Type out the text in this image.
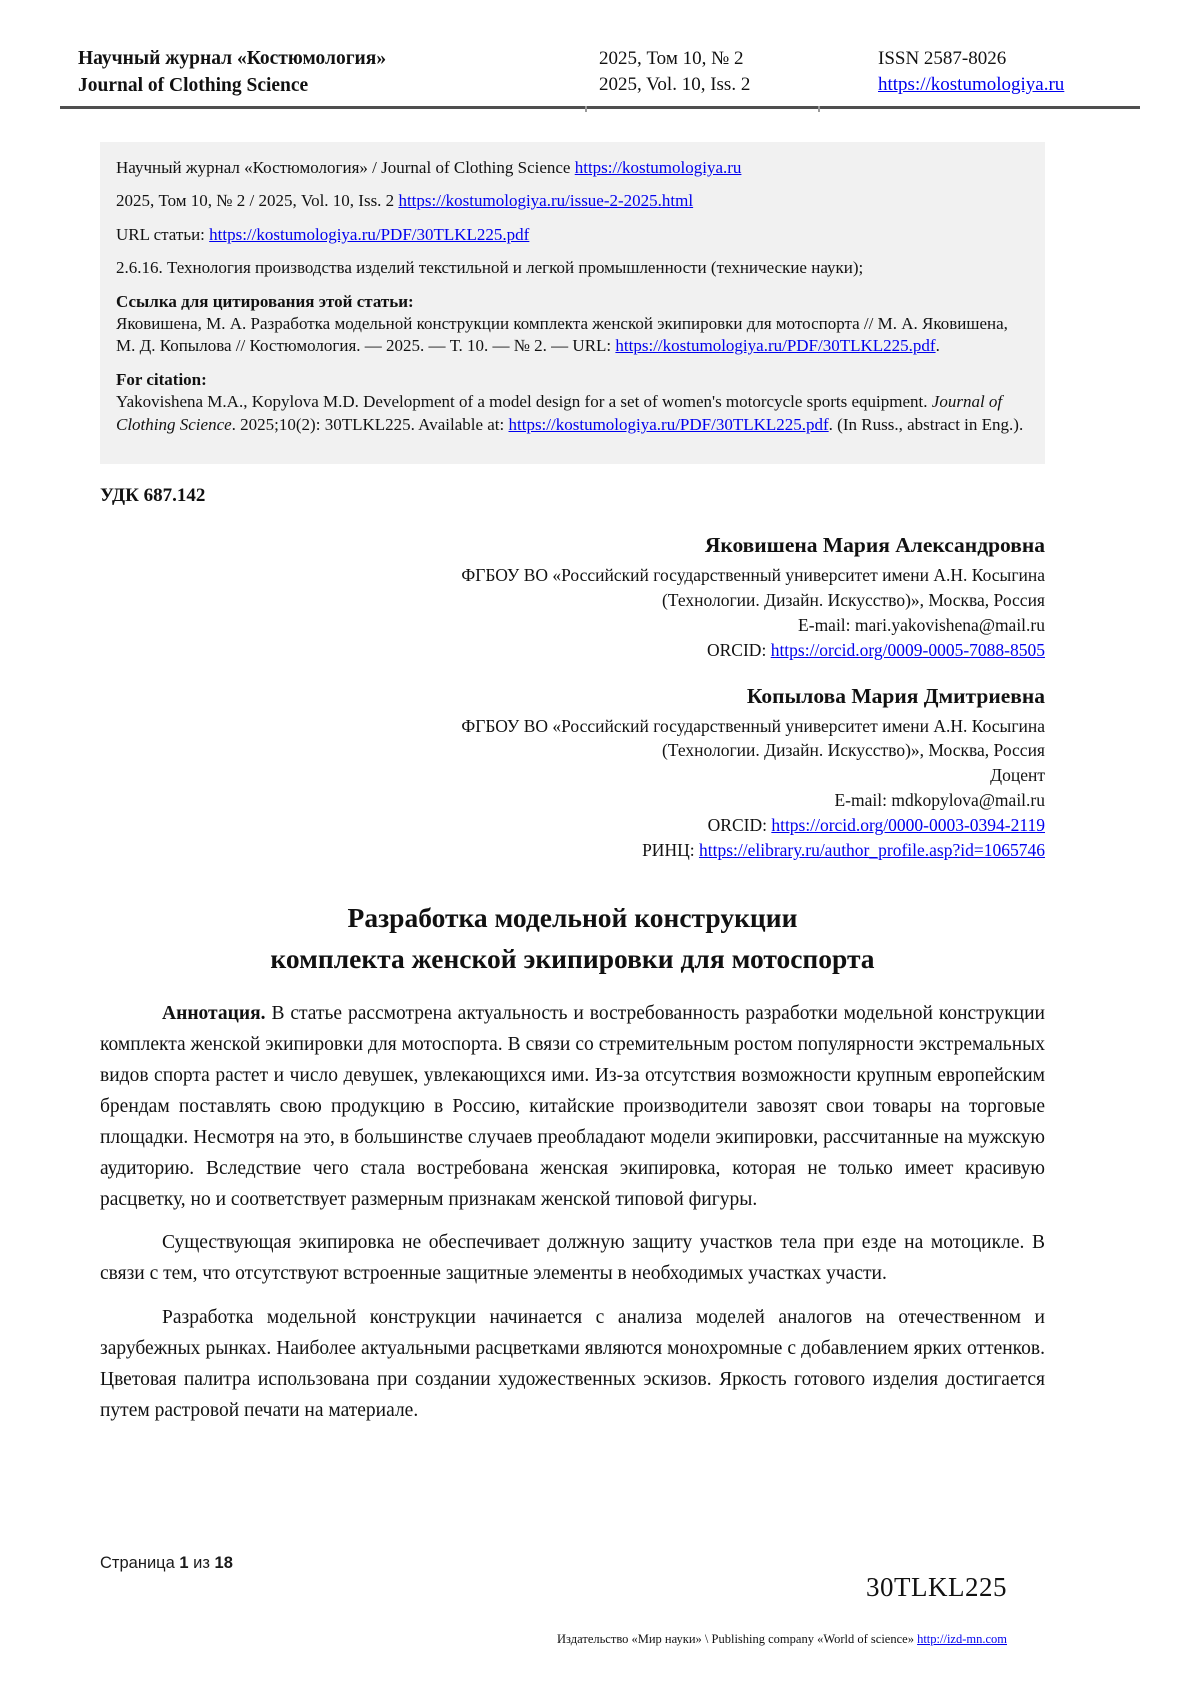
Научный журнал «Костюмология»
Journal of Clothing Science
2025, Том 10, № 2
2025, Vol. 10, Iss. 2
ISSN 2587-8026
https://kostumologiya.ru

Научный журнал «Костюмология» / Journal of Clothing Science https://kostumologiya.ru

2025, Том 10, № 2 / 2025, Vol. 10, Iss. 2 https://kostumologiya.ru/issue-2-2025.html

URL статьи: https://kostumologiya.ru/PDF/30TLKL225.pdf

2.6.16. Технология производства изделий текстильной и легкой промышленности (технические науки);

Ссылка для цитирования этой статьи:
Яковишена, М. А. Разработка модельной конструкции комплекта женской экипировки для мотоспорта // М. А. Яковишена, М. Д. Копылова // Костюмология. — 2025. — Т. 10. — № 2. — URL: https://kostumologiya.ru/PDF/30TLKL225.pdf.
For citation:
Yakovishena M.A., Kopylova M.D. Development of a model design for a set of women's motorcycle sports equipment. Journal of Clothing Science. 2025;10(2): 30TLKL225. Available at: https://kostumologiya.ru/PDF/30TLKL225.pdf. (In Russ., abstract in Eng.).
УДК 687.142
Яковишена Мария Александровна
ФГБОУ ВО «Российский государственный университет имени А.Н. Косыгина
(Технологии. Дизайн. Искусство)», Москва, Россия
E-mail: mari.yakovishena@mail.ru
ORCID: https://orcid.org/0009-0005-7088-8505
Копылова Мария Дмитриевна
ФГБОУ ВО «Российский государственный университет имени А.Н. Косыгина
(Технологии. Дизайн. Искусство)», Москва, Россия
Доцент
E-mail: mdkopylova@mail.ru
ORCID: https://orcid.org/0000-0003-0394-2119
РИНЦ: https://elibrary.ru/author_profile.asp?id=1065746
Разработка модельной конструкции
комплекта женской экипировки для мотоспорта

Аннотация. В статье рассмотрена актуальность и востребованность разработки модельной конструкции комплекта женской экипировки для мотоспорта. В связи со стремительным ростом популярности экстремальных видов спорта растет и число девушек, увлекающихся ими. Из-за отсутствия возможности крупным европейским брендам поставлять свою продукцию в Россию, китайские производители завозят свои товары на торговые площадки. Несмотря на это, в большинстве случаев преобладают модели экипировки, рассчитанные на мужскую аудиторию. Вследствие чего стала востребована женская экипировка, которая не только имеет красивую расцветку, но и соответствует размерным признакам женской типовой фигуры.

Существующая экипировка не обеспечивает должную защиту участков тела при езде на мотоцикле. В связи с тем, что отсутствуют встроенные защитные элементы в необходимых участках участи.

Разработка модельной конструкции начинается с анализа моделей аналогов на отечественном и зарубежных рынках. Наиболее актуальными расцветками являются монохромные с добавлением ярких оттенков. Цветовая палитра использована при создании художественных эскизов. Яркость готового изделия достигается путем растровой печати на материале.

Страница 1 из 18
30TLKL225
Издательство «Мир науки» \ Publishing company «World of science» http://izd-mn.com
